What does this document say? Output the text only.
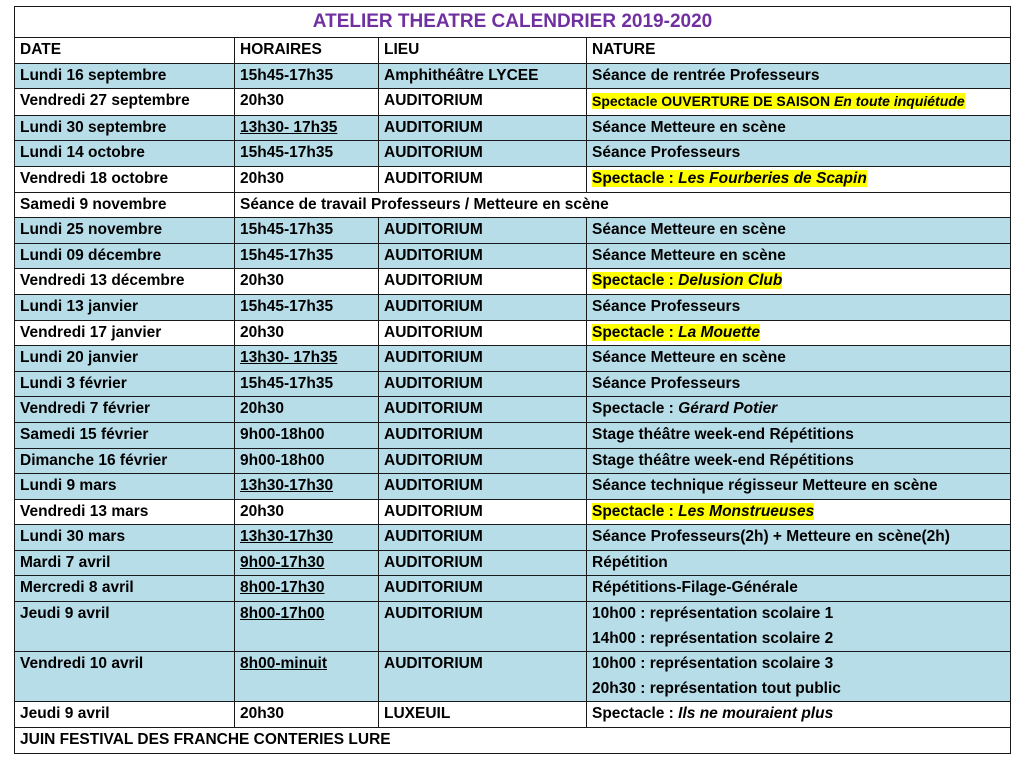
ATELIER THEATRE CALENDRIER 2019-2020			
DATE	HORAIRES	LIEU	NATURE
Lundi 16 septembre	15h45-17h35	Amphithéâtre LYCEE	Séance de rentrée Professeurs
Vendredi 27 septembre	20h30	AUDITORIUM	Spectacle OUVERTURE DE SAISON En toute inquiétude
Lundi 30 septembre	13h30- 17h35	AUDITORIUM	Séance Metteure en scène
Lundi 14 octobre	15h45-17h35	AUDITORIUM	Séance Professeurs
Vendredi 18 octobre	20h30	AUDITORIUM	Spectacle : Les Fourberies de Scapin
Samedi 9 novembre	Séance de travail Professeurs / Metteure en scène		
Lundi 25 novembre	15h45-17h35	AUDITORIUM	Séance Metteure en scène
Lundi 09 décembre	15h45-17h35	AUDITORIUM	Séance Metteure en scène
Vendredi 13 décembre	20h30	AUDITORIUM	Spectacle : Delusion Club
Lundi 13 janvier	15h45-17h35	AUDITORIUM	Séance Professeurs
Vendredi 17 janvier	20h30	AUDITORIUM	Spectacle : La Mouette
Lundi 20 janvier	13h30- 17h35	AUDITORIUM	Séance Metteure en scène
Lundi 3 février	15h45-17h35	AUDITORIUM	Séance Professeurs
Vendredi 7 février	20h30	AUDITORIUM	Spectacle : Gérard Potier
Samedi 15 février	9h00-18h00	AUDITORIUM	Stage théâtre week-end Répétitions
Dimanche 16 février	9h00-18h00	AUDITORIUM	Stage théâtre week-end Répétitions
Lundi 9 mars	13h30-17h30	AUDITORIUM	Séance technique régisseur Metteure en scène
Vendredi 13 mars	20h30	AUDITORIUM	Spectacle : Les Monstrueuses
Lundi 30 mars	13h30-17h30	AUDITORIUM	Séance Professeurs(2h) + Metteure en scène(2h)
Mardi 7 avril	9h00-17h30	AUDITORIUM	Répétition
Mercredi 8 avril	8h00-17h30	AUDITORIUM	Répétitions-Filage-Générale
Jeudi 9 avril	8h00-17h00	AUDITORIUM	10h00 : représentation scolaire 1
14h00 : représentation scolaire 2

Vendredi 10 avril	8h00-minuit	AUDITORIUM	10h00 : représentation scolaire 3
20h30 : représentation tout public

Jeudi 9 avril	20h30	LUXEUIL	Spectacle : Ils ne mouraient plus
JUIN FESTIVAL DES FRANCHE CONTERIES LURE			
